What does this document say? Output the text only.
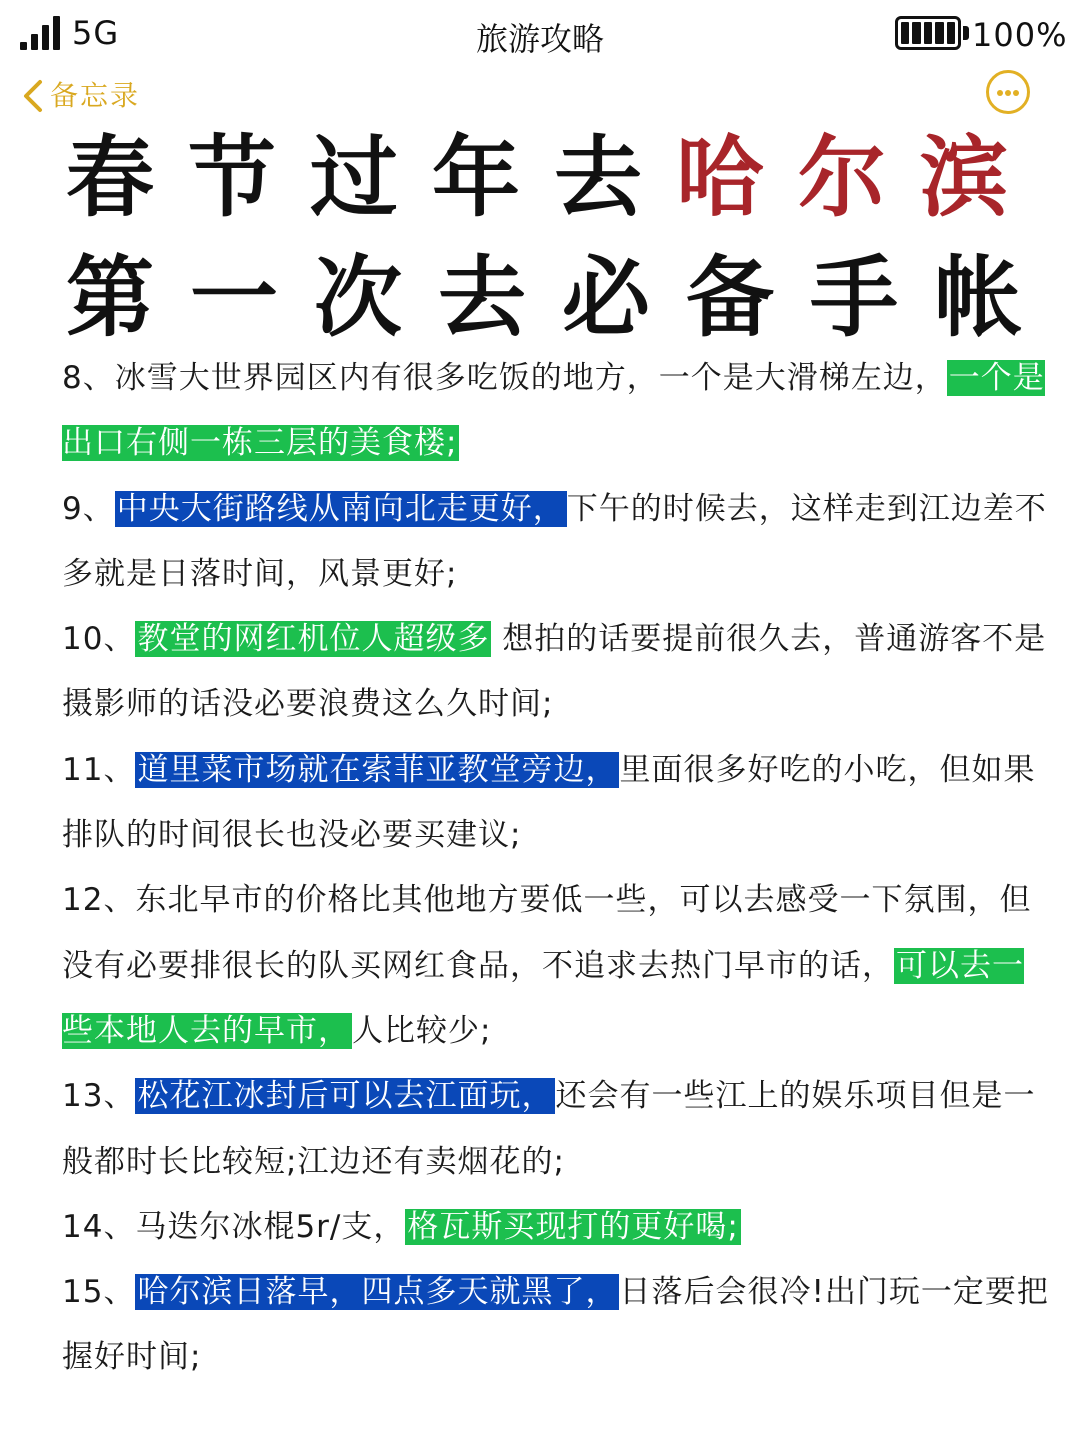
5G	旅游攻略	100%
备忘录
春节过年去哈尔滨
第一次去必备手帐

8、冰雪大世界园区内有很多吃饭的地方，一个是大滑梯左边，一个是出口右侧一栋三层的美食楼;

9、中央大街路线从南向北走更好，下午的时候去，这样走到江边差不多就是日落时间，风景更好;

10、教堂的网红机位人超级多 想拍的话要提前很久去，普通游客不是摄影师的话没必要浪费这么久时间;

11、道里菜市场就在索菲亚教堂旁边，里面很多好吃的小吃，但如果排队的时间很长也没必要买建议;

12、东北早市的价格比其他地方要低一些，可以去感受一下氛围，但没有必要排很长的队买网红食品，不追求去热门早市的话，可以去一些本地人去的早市，人比较少;

13、松花江冰封后可以去江面玩，还会有一些江上的娱乐项目但是一般都时长比较短;江边还有卖烟花的;

14、马迭尔冰棍5r/支，格瓦斯买现打的更好喝;

15、哈尔滨日落早，四点多天就黑了，日落后会很冷!出门玩一定要把握好时间;
